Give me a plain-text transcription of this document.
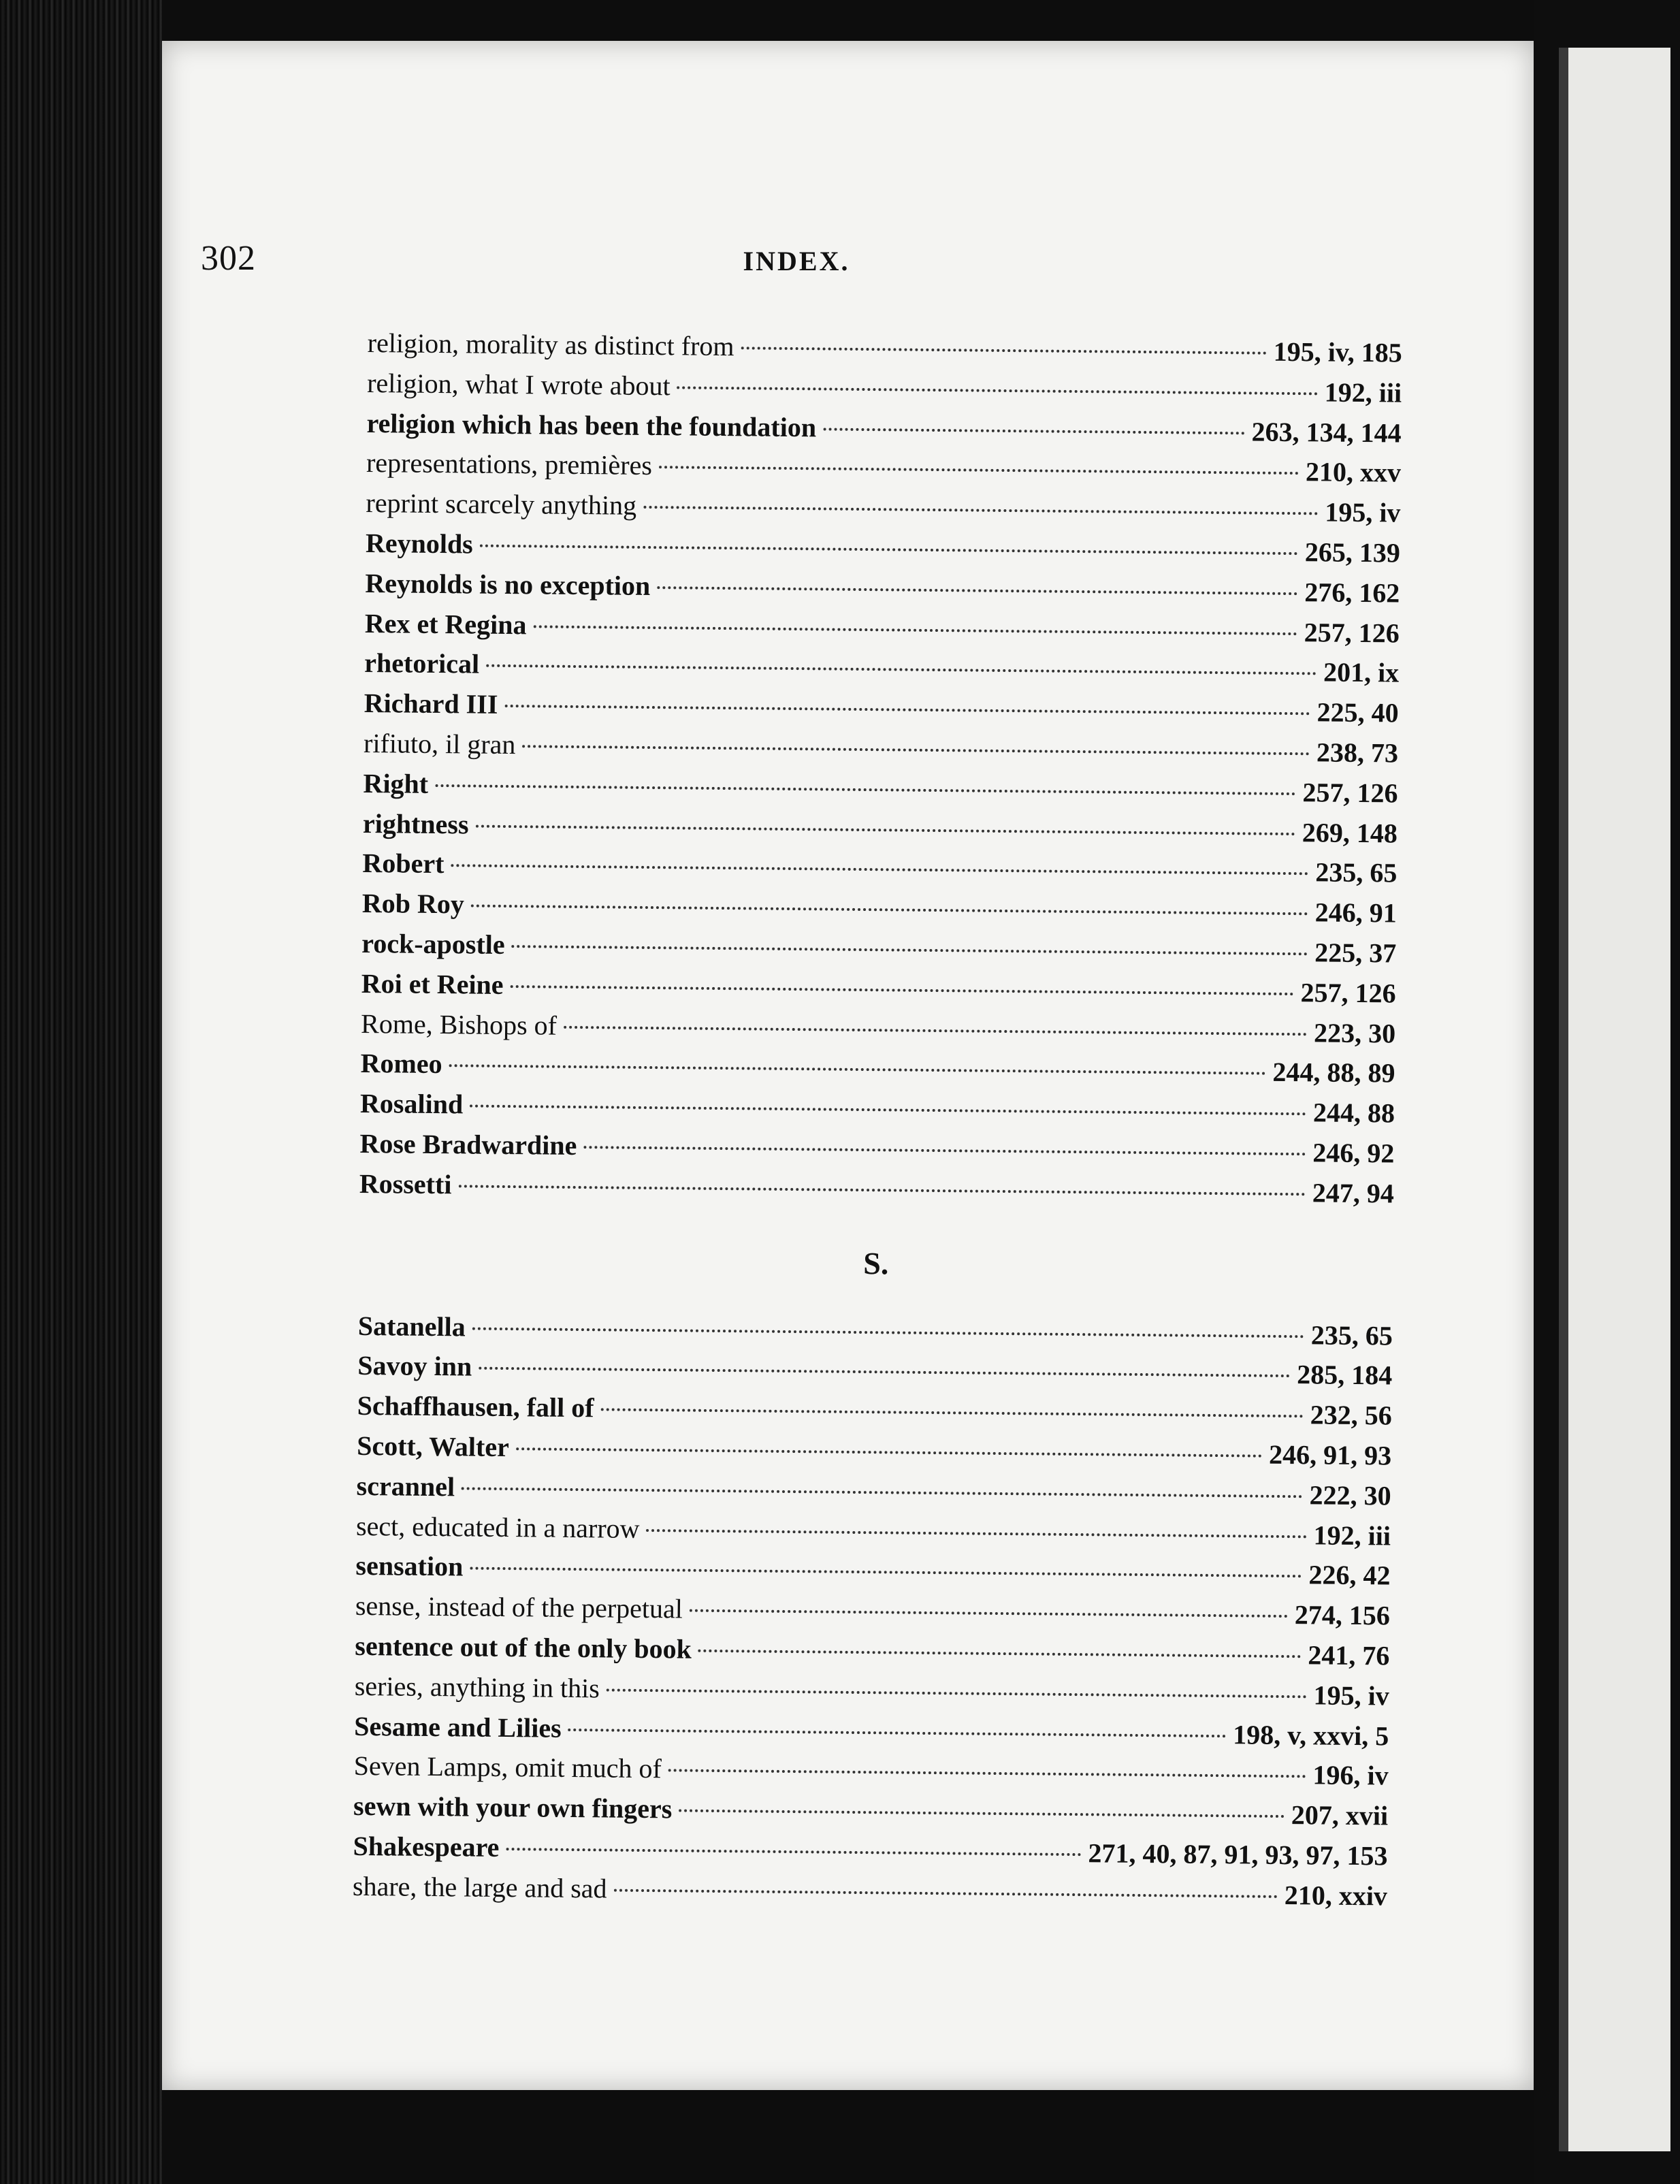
302	INDEX.
religion, morality as distinct from	195, iv, 185
religion, what I wrote about	192, iii
religion which has been the foundation	263, 134, 144
representations, premières	210, xxv
reprint scarcely anything	195, iv
Reynolds	265, 139
Reynolds is no exception	276, 162
Rex et Regina	257, 126
rhetorical	201, ix
Richard III	225, 40
rifiuto, il gran	238, 73
Right	257, 126
rightness	269, 148
Robert	235, 65
Rob Roy	246, 91
rock-apostle	225, 37
Roi et Reine	257, 126
Rome, Bishops of	223, 30
Romeo	244, 88, 89
Rosalind	244, 88
Rose Bradwardine	246, 92
Rossetti	247, 94
S.
Satanella	235, 65
Savoy inn	285, 184
Schaffhausen, fall of	232, 56
Scott, Walter	246, 91, 93
scrannel	222, 30
sect, educated in a narrow	192, iii
sensation	226, 42
sense, instead of the perpetual	274, 156
sentence out of the only book	241, 76
series, anything in this	195, iv
Sesame and Lilies	198, v, xxvi, 5
Seven Lamps, omit much of	196, iv
sewn with your own fingers	207, xvii
Shakespeare	271, 40, 87, 91, 93, 97, 153
share, the large and sad	210, xxiv
